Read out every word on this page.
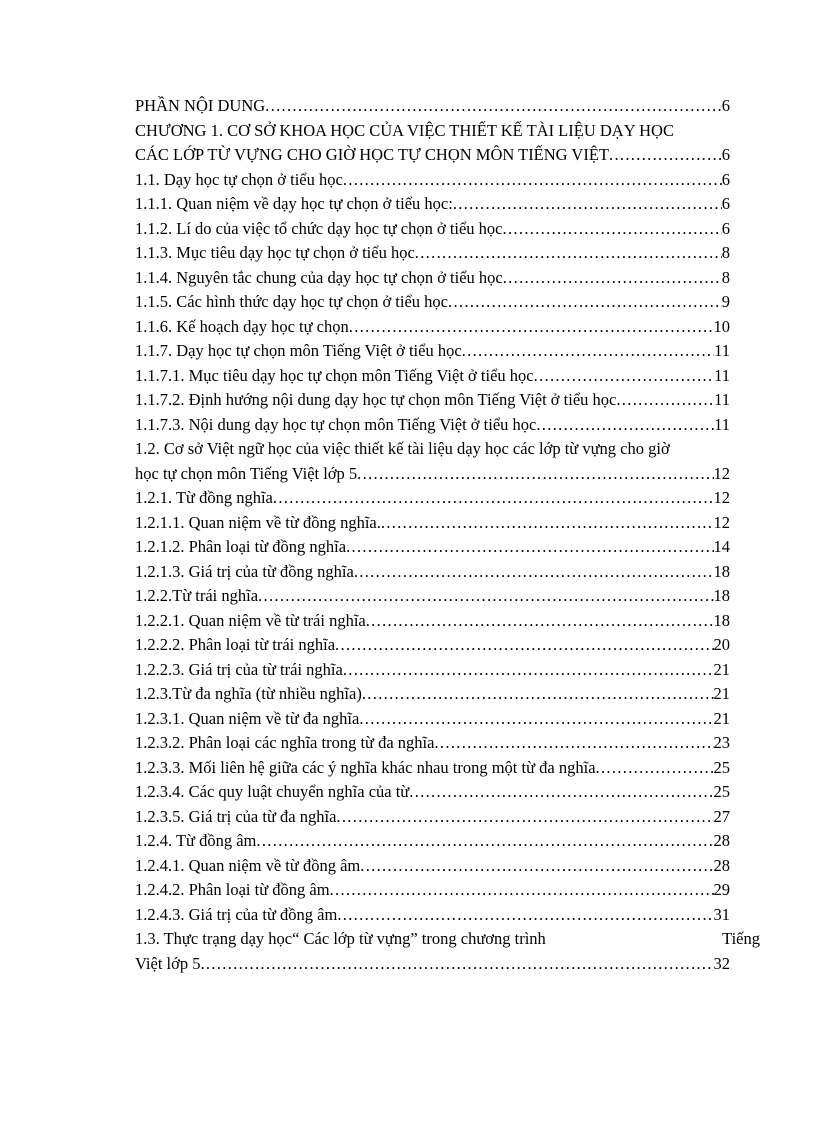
PHẦN NỘI DUNG . . .	6
CHƯƠNG 1. CƠ SỞ KHOA HỌC CỦA VIỆC THIẾT KẾ TÀI LIỆU DẠY HỌC
CÁC LỚP TỪ VỰNG CHO GIỜ HỌC TỰ CHỌN MÔN TIẾNG VIỆT . . .	6
1.1. Dạy học tự chọn ở tiểu học . . .	6
1.1.1. Quan niệm về dạy học tự chọn ở tiểu học: . . .	6
1.1.2. Lí do của việc tổ chức dạy học tự chọn ở tiểu học . . .	6
1.1.3. Mục tiêu dạy học tự chọn ở tiểu học . . .	8
1.1.4. Nguyên tắc chung của dạy học tự chọn ở tiểu học . . .	8
1.1.5. Các hình thức dạy học tự chọn ở tiểu học . . .	9
1.1.6. Kế hoạch dạy học tự chọn . . .	10
1.1.7. Dạy học tự chọn môn Tiếng Việt ở tiểu học . . .	11
1.1.7.1. Mục tiêu dạy học tự chọn môn Tiếng Việt ở tiểu học . . .	11
1.1.7.2. Định hướng nội dung dạy học tự chọn môn Tiếng Việt ở tiểu học . . .	11
1.1.7.3. Nội dung dạy học tự chọn môn Tiếng Việt ở tiểu học . . .	11
1.2. Cơ sở Việt ngữ học của việc thiết kế tài liệu dạy học các lớp từ vựng cho giờ
học tự chọn môn Tiếng Việt lớp 5 . . .	12
1.2.1. Từ đồng nghĩa . . .	12
1.2.1.1. Quan niệm về từ đồng nghĩa. . . .	12
1.2.1.2. Phân loại từ đồng nghĩa . . .	14
1.2.1.3. Giá trị của từ đồng nghĩa . . .	18
1.2.2.Từ trái nghĩa . . .	18
1.2.2.1. Quan niệm về từ trái nghĩa . . .	18
1.2.2.2. Phân loại từ trái nghĩa . . .	20
1.2.2.3. Giá trị của từ trái nghĩa . . .	21
1.2.3.Từ đa nghĩa (từ nhiều nghĩa) . . .	21
1.2.3.1. Quan niệm về từ đa nghĩa . . .	21
1.2.3.2. Phân loại các nghĩa trong từ đa nghĩa . . .	23
1.2.3.3. Mối liên hệ giữa các ý nghĩa khác nhau trong một từ đa nghĩa . . .	25
1.2.3.4. Các quy luật chuyển nghĩa của từ . . .	25
1.2.3.5. Giá trị của từ đa nghĩa . . .	27
1.2.4. Từ đồng âm . . .	28
1.2.4.1. Quan niệm về từ đồng âm . . .	28
1.2.4.2. Phân loại từ đồng âm . . .	29
1.2.4.3. Giá trị của từ đồng âm . . .	31
1.3. Thực trạng dạy học“ Các lớp từ vựng” trong chương trình	Tiếng
Việt lớp 5 . . .	32
